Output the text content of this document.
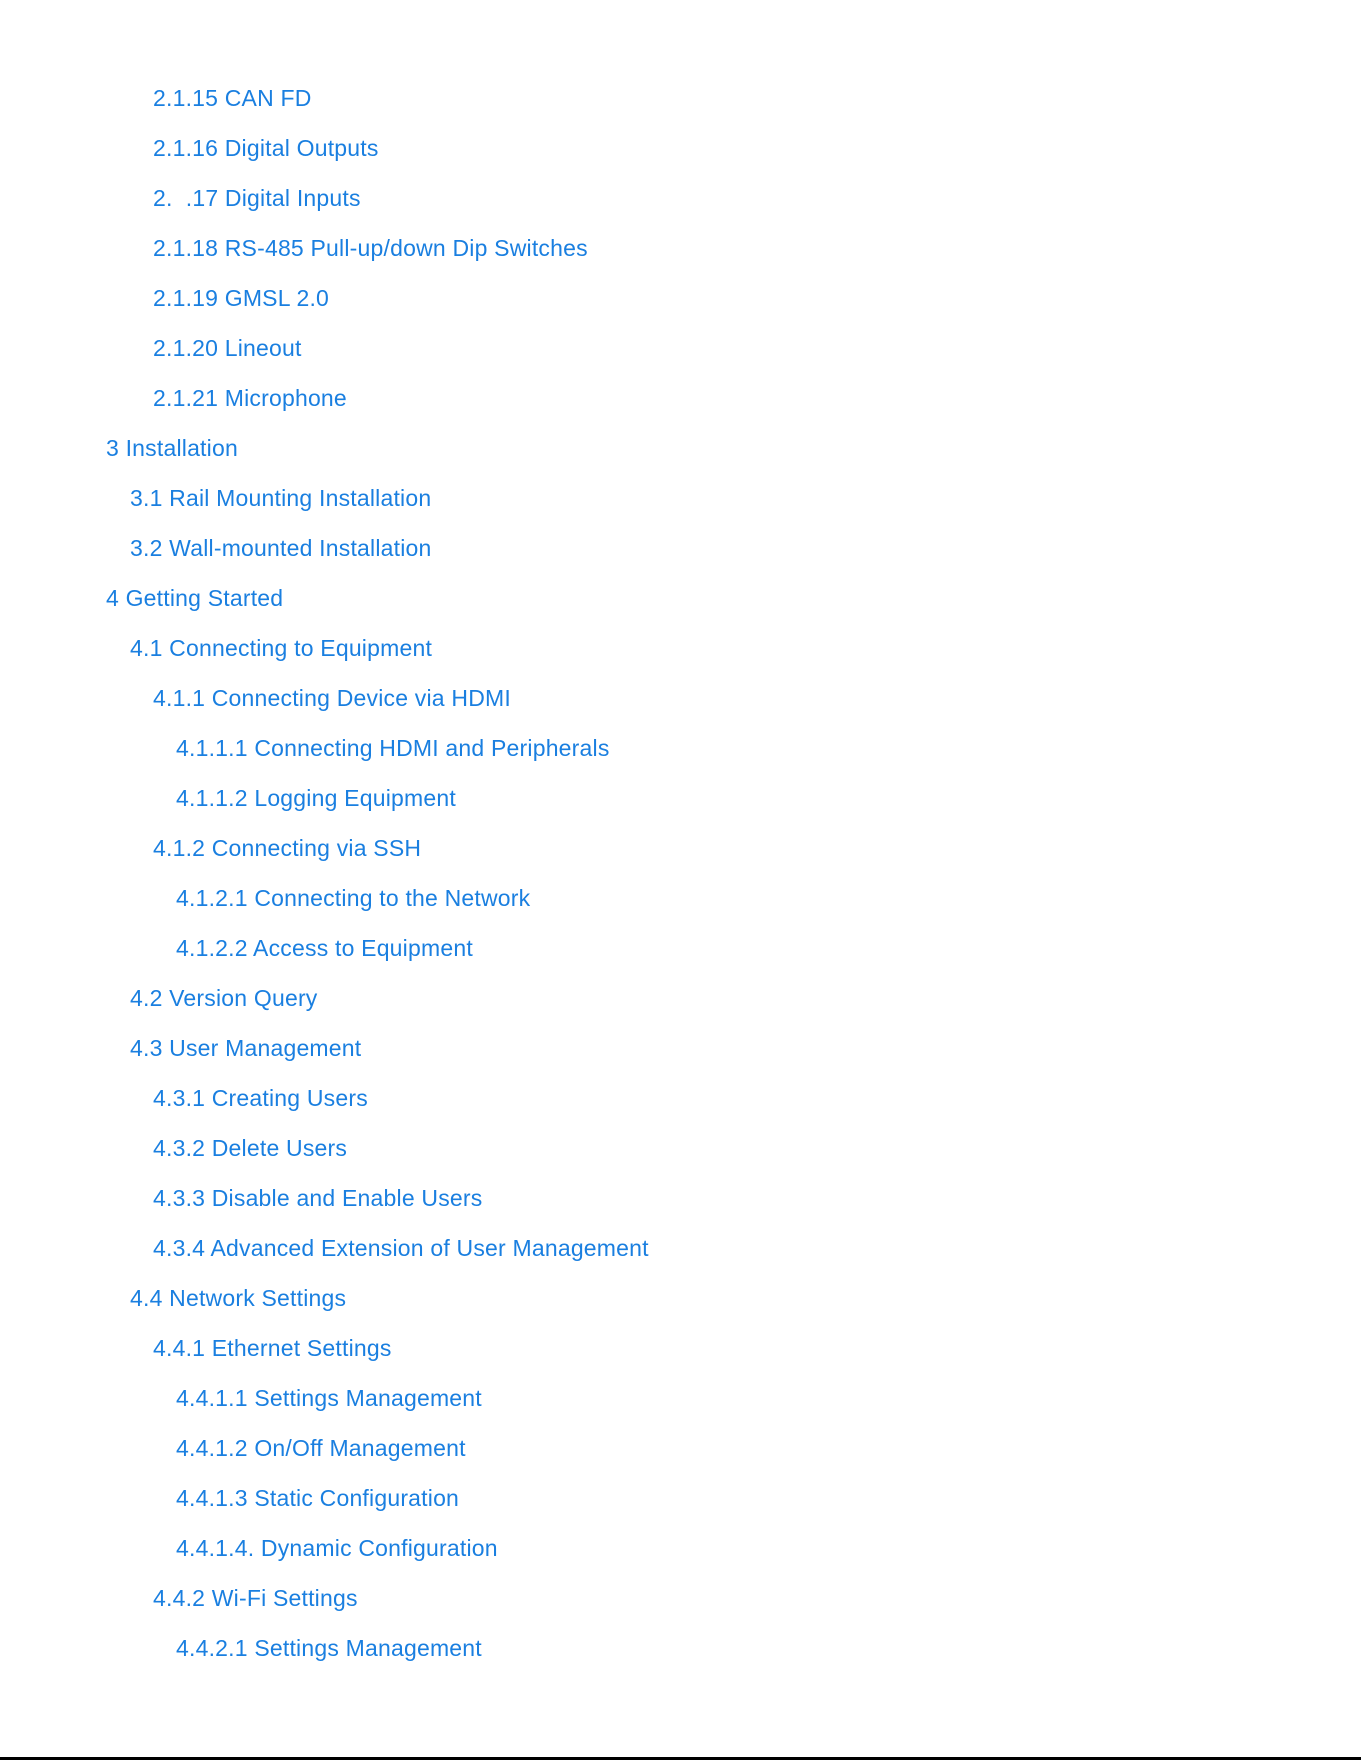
2.1.15 CAN FD
2.1.16 Digital Outputs
2.  .17 Digital Inputs
2.1.18 RS-485 Pull-up/down Dip Switches
2.1.19 GMSL 2.0
2.1.20 Lineout
2.1.21 Microphone
3 Installation
3.1 Rail Mounting Installation
3.2 Wall-mounted Installation
4 Getting Started
4.1 Connecting to Equipment
4.1.1 Connecting Device via HDMI
4.1.1.1 Connecting HDMI and Peripherals
4.1.1.2 Logging Equipment
4.1.2 Connecting via SSH
4.1.2.1 Connecting to the Network
4.1.2.2 Access to Equipment
4.2 Version Query
4.3 User Management
4.3.1 Creating Users
4.3.2 Delete Users
4.3.3 Disable and Enable Users
4.3.4 Advanced Extension of User Management
4.4 Network Settings
4.4.1 Ethernet Settings
4.4.1.1 Settings Management
4.4.1.2 On/Off Management
4.4.1.3 Static Configuration
4.4.1.4. Dynamic Configuration
4.4.2 Wi-Fi Settings
4.4.2.1 Settings Management
